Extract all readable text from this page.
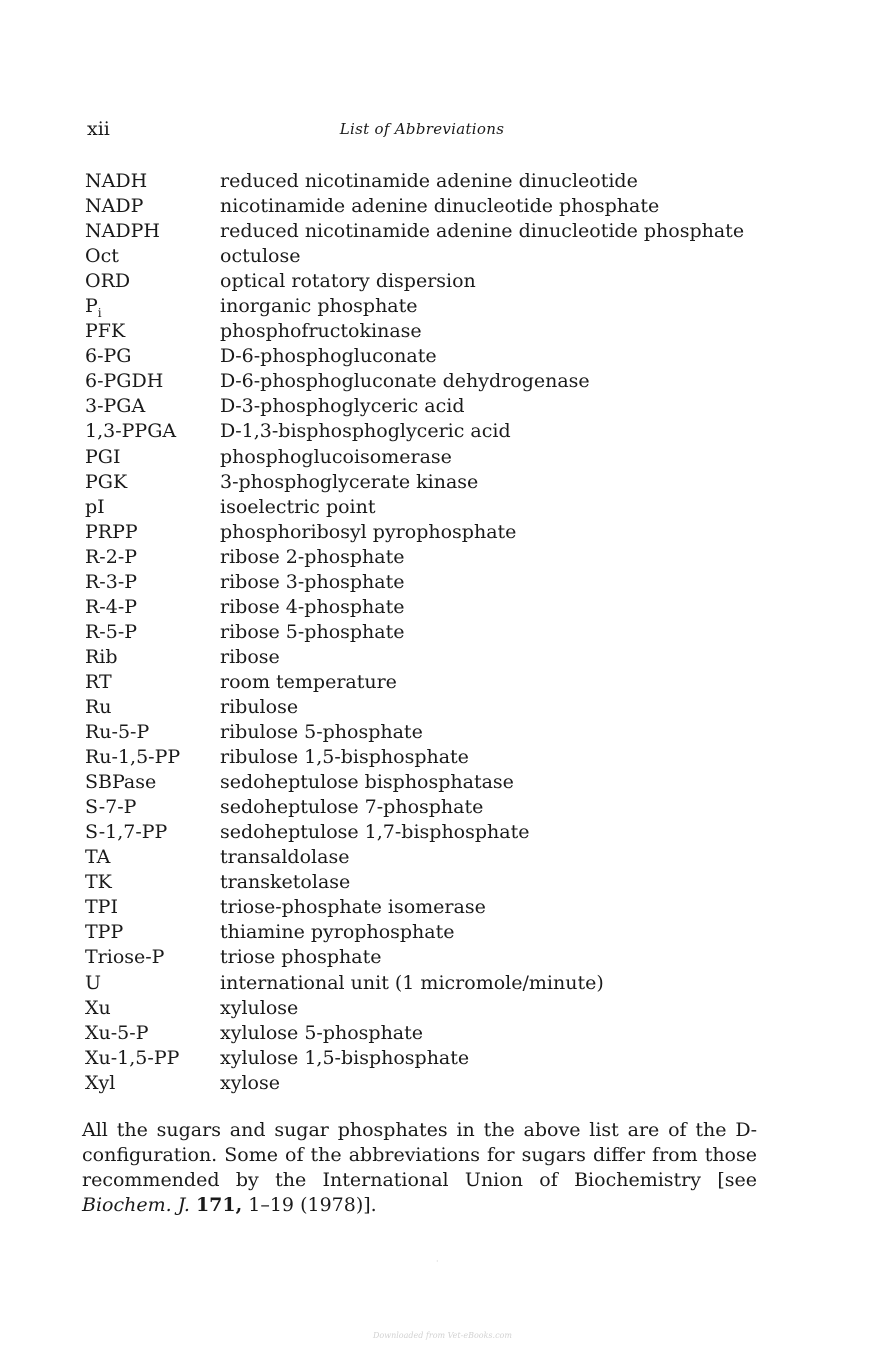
xii	List of Abbreviations
NADH	reduced nicotinamide adenine dinucleotide
NADP	nicotinamide adenine dinucleotide phosphate
NADPH	reduced nicotinamide adenine dinucleotide phosphate
Oct	octulose
ORD	optical rotatory dispersion
$P_i$	inorganic phosphate
PFK	phosphofructokinase
6-PG	D-6-phosphogluconate
6-PGDH	D-6-phosphogluconate dehydrogenase
3-PGA	D-3-phosphoglyceric acid
1,3-PPGA D-1,3-bisphosphoglyceric acid
PGI	phosphoglucoisomerase
PGK	3-phosphoglycerate kinase
pI	isoelectric point
PRPP	phosphoribosyl pyrophosphate
R-2-P	ribose 2-phosphate
R-3-P	ribose 3-phosphate
R-4-P	ribose 4-phosphate
R-5-P	ribose 5-phosphate
Rib	ribose
RT	room temperature
Ru	ribulose
Ru-5-P	ribulose 5-phosphate
Ru-1,5-PP ribulose 1,5-bisphosphate
SBPase	sedoheptulose bisphosphatase
S-7-P	sedoheptulose 7-phosphate
S-1,7-PP	sedoheptulose 1,7-bisphosphate
TA	transaldolase
TK	transketolase
TPI	triose-phosphate isomerase
TPP	thiamine pyrophosphate
Triose-P	triose phosphate
U	international unit (1 micromole/minute)
Xu	xylulose
Xu-5-P	xylulose 5-phosphate
Xu-1,5-PP xylulose 1,5-bisphosphate
Xyl	xylose

All the sugars and sugar phosphates in the above list are of the D-configuration. Some of the abbreviations for sugars differ from those recommended by the International Union of Biochemistry [see Biochem. J. 171, 1–19 (1978)].

·
Downloaded from Vet-eBooks.com
